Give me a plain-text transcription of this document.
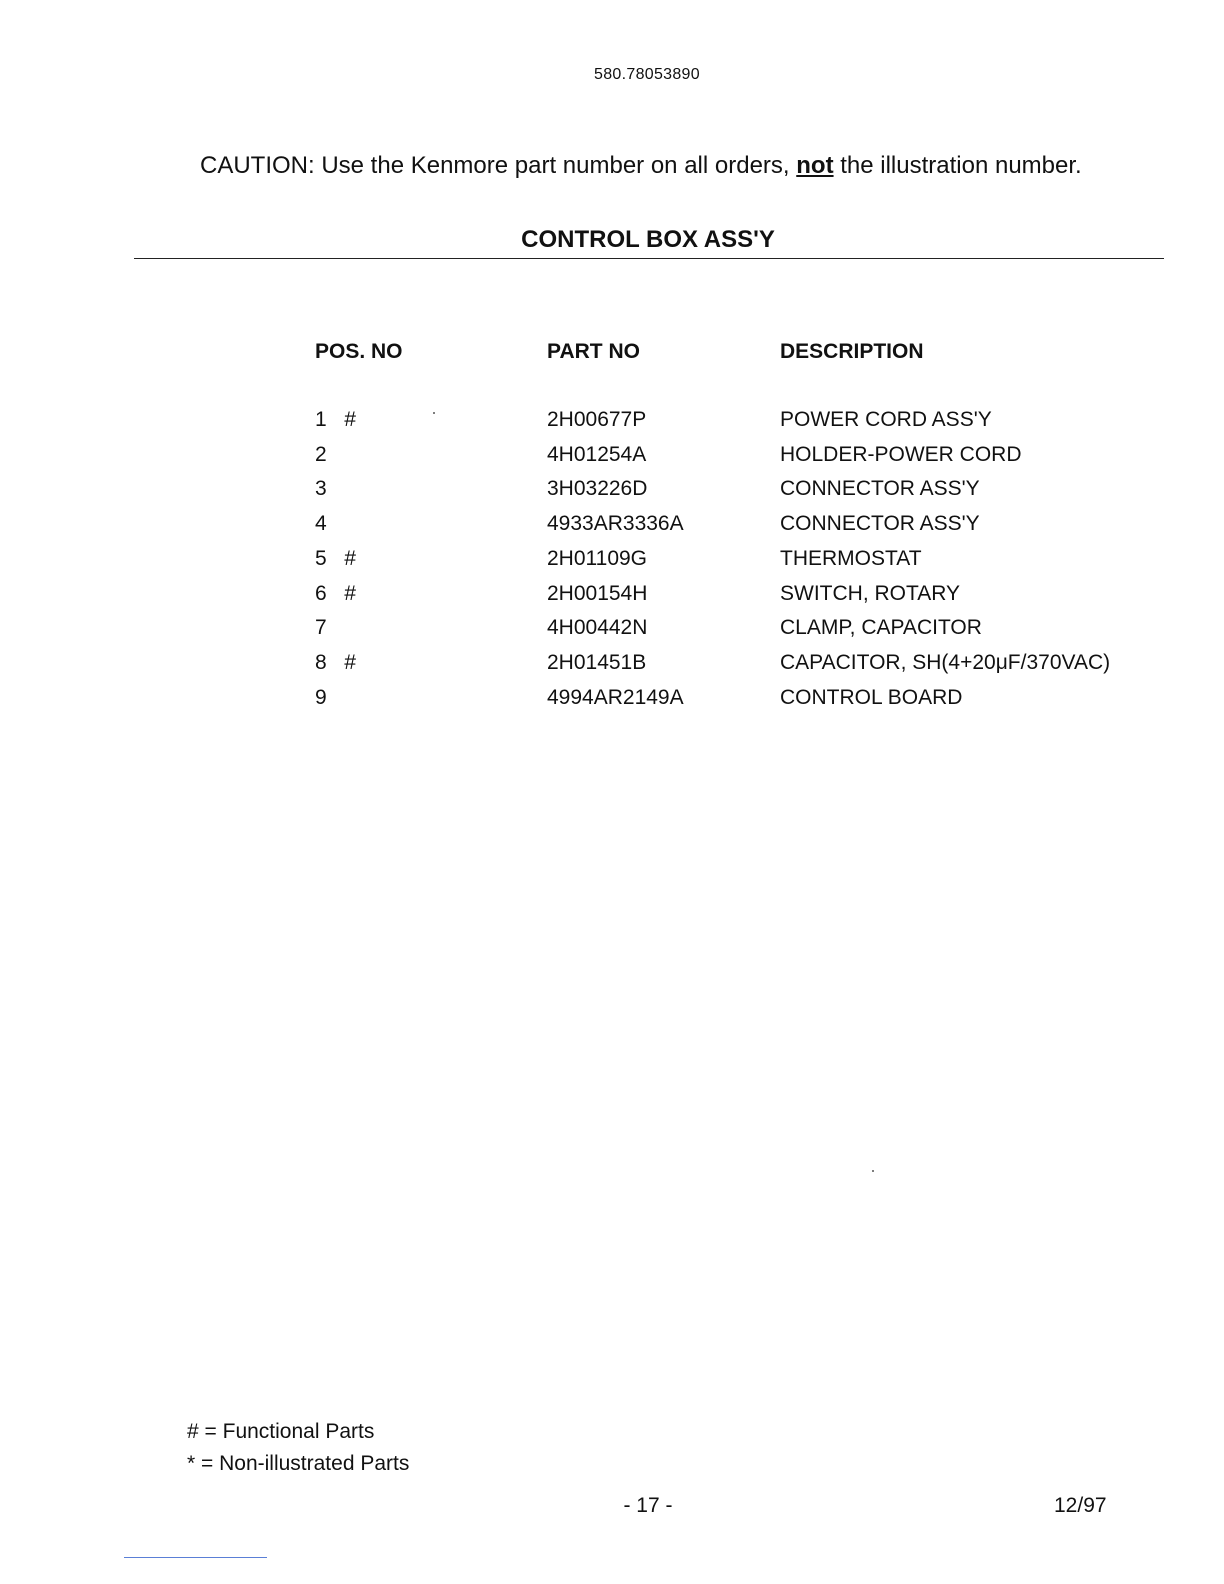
580.78053890
CAUTION: Use the Kenmore part number on all orders, not the illustration number.
CONTROL BOX ASS'Y
POS. NO	PART NO	DESCRIPTION
1 #	2H00677P	POWER CORD ASS'Y
2	4H01254A	HOLDER-POWER CORD
3	3H03226D	CONNECTOR ASS'Y
4	4933AR3336A	CONNECTOR ASS'Y
5 #	2H01109G	THERMOSTAT
6 #	2H00154H	SWITCH, ROTARY
7	4H00442N	CLAMP, CAPACITOR
8 #	2H01451B	CAPACITOR, SH(4+20μF/370VAC)
9	4994AR2149A	CONTROL BOARD
# = Functional Parts
* = Non-illustrated Parts
- 17 -	12/97
